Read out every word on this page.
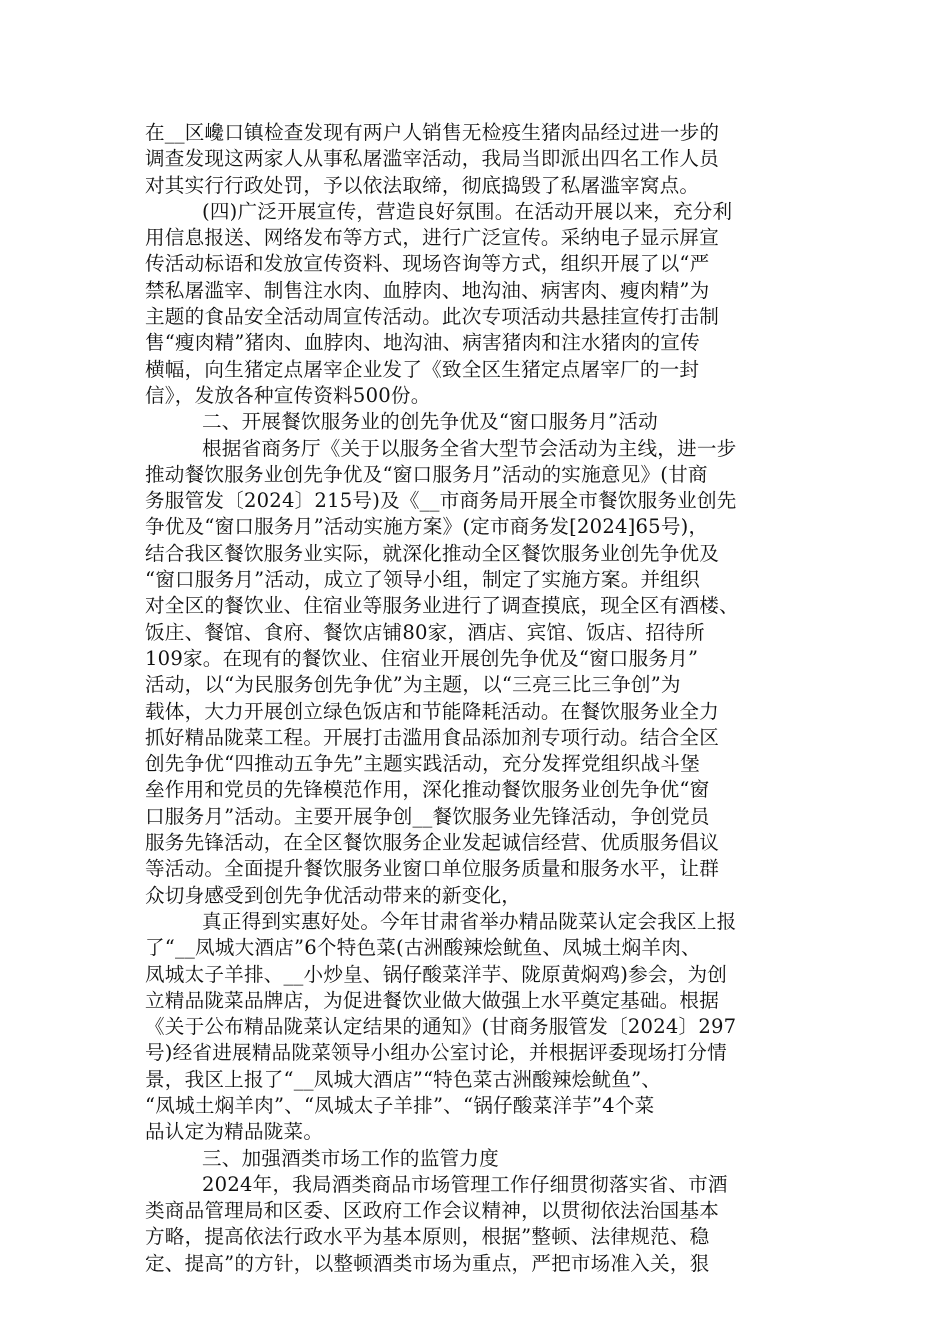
在__区巉口镇检查发现有两户人销售无检疫生猪肉品经过进一步的
调查发现这两家人从事私屠滥宰活动，我局当即派出四名工作人员
对其实行行政处罚，予以依法取缔，彻底捣毁了私屠滥宰窝点。
(四)广泛开展宣传，营造良好氛围。在活动开展以来，充分利
用信息报送、网络发布等方式，进行广泛宣传。采纳电子显示屏宣
传活动标语和发放宣传资料、现场咨询等方式，组织开展了以“严
禁私屠滥宰、制售注水肉、血脖肉、地沟油、病害肉、瘦肉精”为
主题的食品安全活动周宣传活动。此次专项活动共悬挂宣传打击制
售“瘦肉精”猪肉、血脖肉、地沟油、病害猪肉和注水猪肉的宣传
横幅，向生猪定点屠宰企业发了《致全区生猪定点屠宰厂的一封
信》，发放各种宣传资料500份。
二、开展餐饮服务业的创先争优及“窗口服务月”活动
根据省商务厅《关于以服务全省大型节会活动为主线，进一步
推动餐饮服务业创先争优及“窗口服务月”活动的实施意见》(甘商
务服管发〔2024〕215号)及《__市商务局开展全市餐饮服务业创先
争优及“窗口服务月”活动实施方案》(定市商务发[2024]65号)，
结合我区餐饮服务业实际，就深化推动全区餐饮服务业创先争优及
“窗口服务月”活动，成立了领导小组，制定了实施方案。并组织
对全区的餐饮业、住宿业等服务业进行了调查摸底，现全区有酒楼、
饭庄、餐馆、食府、餐饮店铺80家，酒店、宾馆、饭店、招待所
109家。在现有的餐饮业、住宿业开展创先争优及“窗口服务月”
活动，以“为民服务创先争优”为主题，以“三亮三比三争创”为
载体，大力开展创立绿色饭店和节能降耗活动。在餐饮服务业全力
抓好精品陇菜工程。开展打击滥用食品添加剂专项行动。结合全区
创先争优“四推动五争先”主题实践活动，充分发挥党组织战斗堡
垒作用和党员的先锋模范作用，深化推动餐饮服务业创先争优“窗
口服务月”活动。主要开展争创__餐饮服务业先锋活动，争创党员
服务先锋活动，在全区餐饮服务企业发起诚信经营、优质服务倡议
等活动。全面提升餐饮服务业窗口单位服务质量和服务水平，让群
众切身感受到创先争优活动带来的新变化，
真正得到实惠好处。今年甘肃省举办精品陇菜认定会我区上报
了“__凤城大酒店”6个特色菜(古洲酸辣烩鱿鱼、凤城土焖羊肉、
凤城太子羊排、__小炒皇、锅仔酸菜洋芋、陇原黄焖鸡)参会，为创
立精品陇菜品牌店，为促进餐饮业做大做强上水平奠定基础。根据
《关于公布精品陇菜认定结果的通知》(甘商务服管发〔2024〕297
号)经省进展精品陇菜领导小组办公室讨论，并根据评委现场打分情
景，我区上报了“__凤城大酒店”“特色菜古洲酸辣烩鱿鱼”、
“凤城土焖羊肉”、“凤城太子羊排”、“锅仔酸菜洋芋”4个菜
品认定为精品陇菜。
三、加强酒类市场工作的监管力度
2024年，我局酒类商品市场管理工作仔细贯彻落实省、市酒
类商品管理局和区委、区政府工作会议精神，以贯彻依法治国基本
方略，提高依法行政水平为基本原则，根据”整顿、法律规范、稳
定、提高”的方针，以整顿酒类市场为重点，严把市场准入关，狠
